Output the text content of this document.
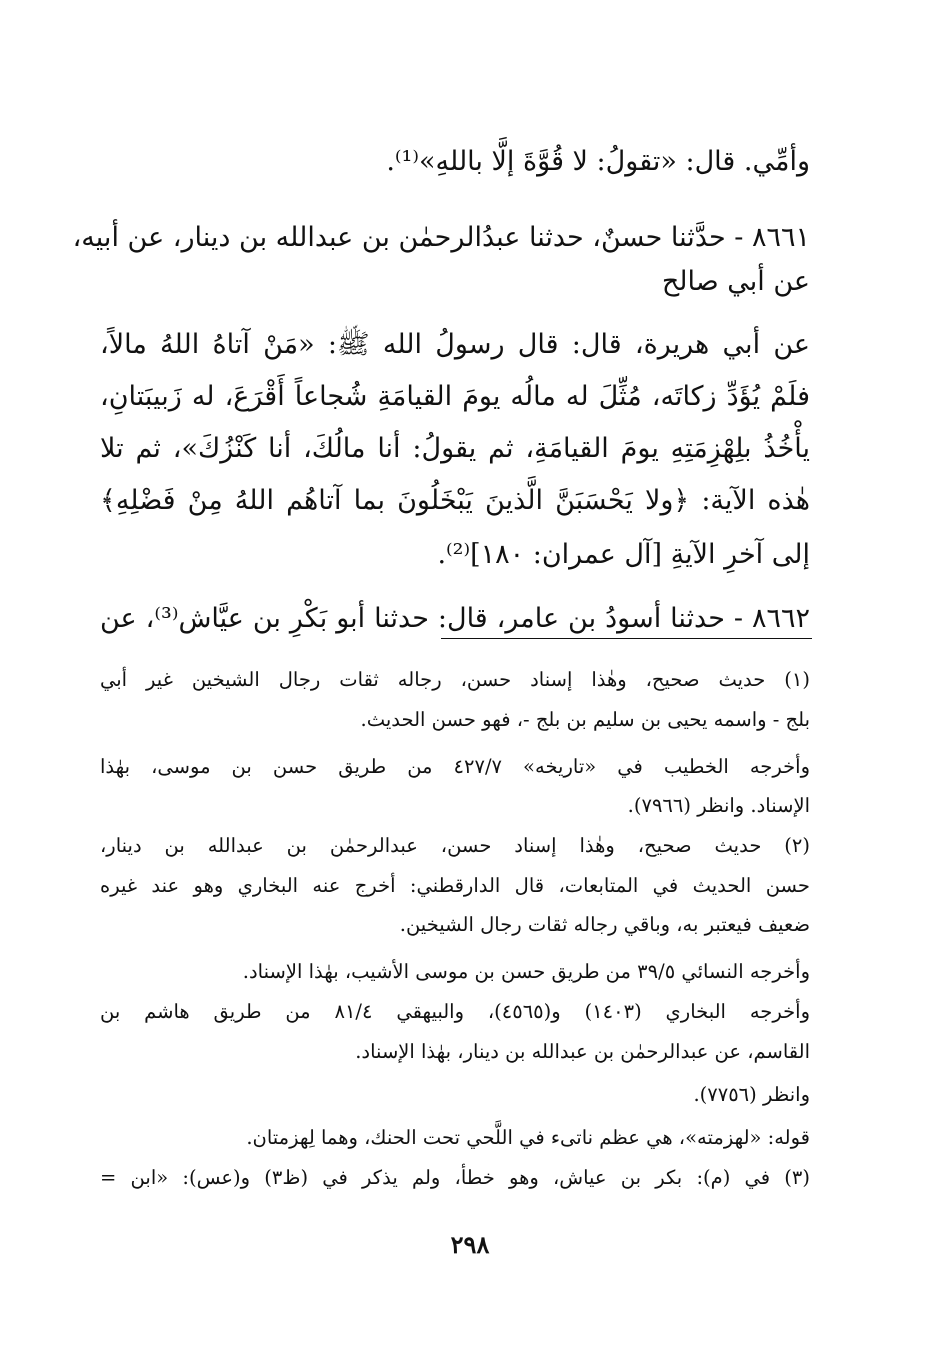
وأمِّي. قال: «تقولُ: لا قُوَّةَ إلَّا باللهِ»⁽¹⁾.
٨٦٦١ - حدَّثنا حسنٌ، حدثنا عبدُالرحمٰن بن عبدالله بن دينار، عن أبيه،
عن أبي صالح
عن أبي هريرة، قال: قال رسولُ الله ﷺ: «مَنْ آتاهُ اللهُ مالاً،
فلَمْ يُؤَدِّ زكاتَه، مُثِّلَ له مالُه يومَ القيامَةِ شُجاعاً أَقْرَعَ، له زَبيبَتانِ،
يأْخُذُ بلِهْزِمَتِهِ يومَ القيامَةِ، ثم يقولُ: أنا مالُكَ، أنا كَنْزُكَ»، ثم تلا
هٰذه الآية: ﴿ولا يَحْسَبَنَّ الَّذينَ يَبْخَلُونَ بما آتاهُم اللهُ مِنْ فَضْلِهِ﴾
إلى آخرِ الآيةِ [آل عمران: ١٨٠]⁽²⁾.
٨٦٦٢ - حدثنا أسودُ بن عامر، قال: حدثنا أبو بَكْرِ بن عيَّاش⁽³⁾، عن
(١) حديث صحيح، وهٰذا إسناد حسن، رجاله ثقات رجال الشيخين غير أبي
بلج - واسمه يحيى بن سليم بن بلج -، فهو حسن الحديث.
وأخرجه الخطيب في «تاريخه» ٤٢٧/٧ من طريق حسن بن موسى، بهٰذا
الإسناد. وانظر (٧٩٦٦).
(٢) حديث صحيح، وهٰذا إسناد حسن، عبدالرحمٰن بن عبدالله بن دينار،
حسن الحديث في المتابعات، قال الدارقطني: أخرج عنه البخاري وهو عند غيره
ضعيف فيعتبر به، وباقي رجاله ثقات رجال الشيخين.
وأخرجه النسائي ٣٩/٥ من طريق حسن بن موسى الأشيب، بهٰذا الإسناد.
وأخرجه البخاري (١٤٠٣) و(٤٥٦٥)، والبيهقي ٨١/٤ من طريق هاشم بن
القاسم، عن عبدالرحمٰن بن عبدالله بن دينار، بهٰذا الإسناد.
وانظر (٧٧٥٦).
قوله: «لهزمته»، هي عظم ناتىء في اللَّحي تحت الحنك، وهما لِهزمتان.
(٣) في (م): بكر بن عياش، وهو خطأ، ولم يذكر في (ظ٣) و(عس): «ابن =
٢٩٨
